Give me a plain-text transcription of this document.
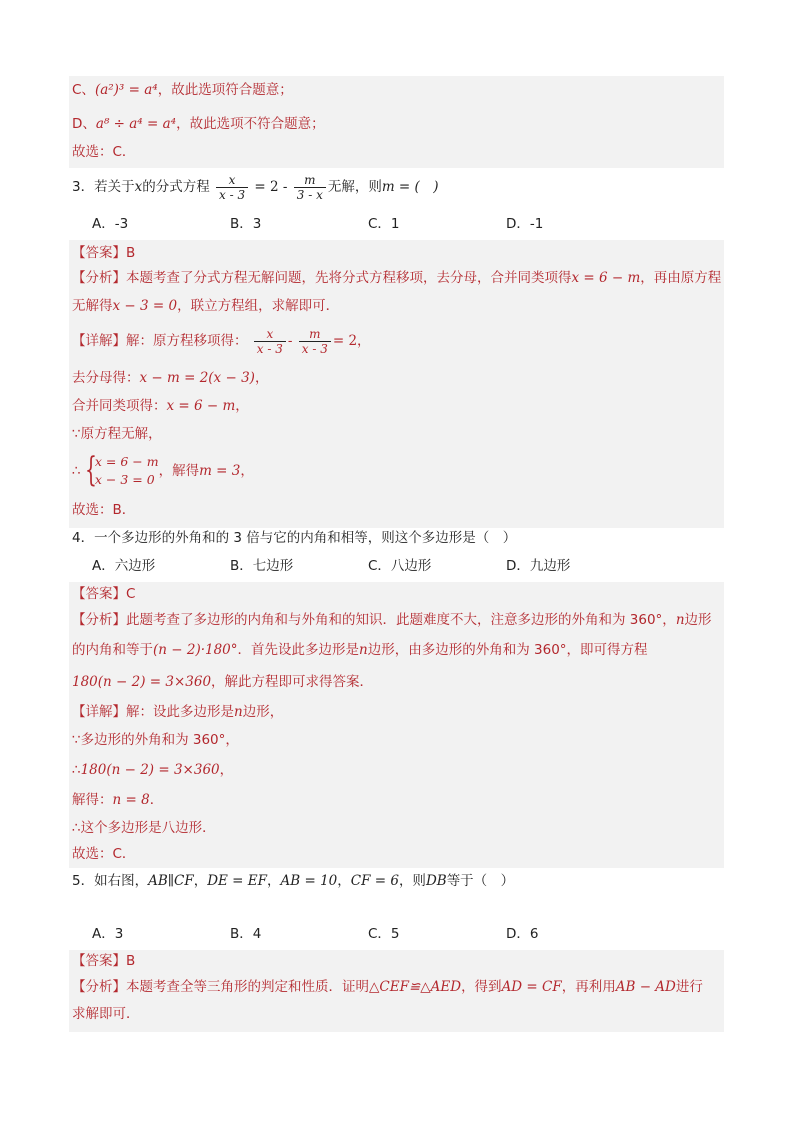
C、(a²)³ = a⁴，故此选项符合题意；
D、a⁸ ÷ a⁴ = a⁴，故此选项不符合题意；
故选：C．
3．若关于x的分式方程 $\frac{x}{x - 3} = 2 - \frac{m}{3 - x}$ 无解，则m = (　)
A．-3	B．3	C．1	D．-1
【答案】B
【分析】本题考查了分式方程无解问题，先将分式方程移项，去分母，合并同类项得x = 6 − m，再由原方程
无解得x − 3 = 0，联立方程组，求解即可．
【详解】解：原方程移项得： $\frac{x}{x - 3} - \frac{m}{x - 3} = 2$，
去分母得：x − m = 2(x − 3)，
合并同类项得：x = 6 − m，
∵原方程无解，
∴ {
x = 6 − m
x − 3 = 0
，解得m = 3，
故选：B．
4．一个多边形的外角和的 3 倍与它的内角和相等，则这个多边形是（　）
A．六边形	B．七边形	C．八边形	D．九边形
【答案】C
【分析】此题考查了多边形的内角和与外角和的知识．此题难度不大，注意多边形的外角和为 360°，n边形
的内角和等于(n − 2)·180°．首先设此多边形是n边形，由多边形的外角和为 360°，即可得方程
180(n − 2) = 3×360，解此方程即可求得答案．
【详解】解：设此多边形是n边形，
∵多边形的外角和为 360°，
∴180(n − 2) = 3×360，
解得：n = 8．
∴这个多边形是八边形．
故选：C．
5．如右图，AB∥CF，DE = EF，AB = 10，CF = 6，则DB等于（　）
A．3	B．4	C．5	D．6
【答案】B
【分析】本题考查全等三角形的判定和性质．证明△CEF≌△AED，得到AD = CF，再利用AB − AD进行
求解即可．
